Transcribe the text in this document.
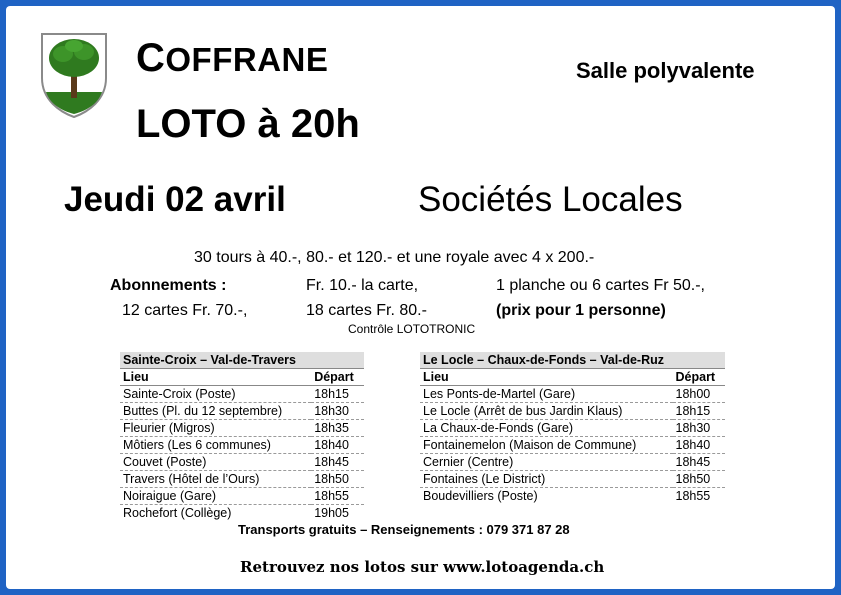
COFFRANE
LOTO à 20h
Salle polyvalente
Jeudi 02 avril	Sociétés Locales
30 tours à 40.-, 80.- et 120.- et une royale avec 4 x 200.-
Abonnements :	Fr. 10.- la carte,	1 planche ou 6 cartes Fr 50.-,
12 cartes Fr. 70.-,	18 cartes Fr. 80.-	(prix pour 1 personne)
Contrôle LOTOTRONIC
Sainte-Croix – Val-de-Travers	
Lieu	Départ
Sainte-Croix (Poste)	18h15
Buttes (Pl. du 12 septembre)	18h30
Fleurier (Migros)	18h35
Môtiers (Les 6 communes)	18h40
Couvet (Poste)	18h45
Travers (Hôtel de l’Ours)	18h50
Noiraigue (Gare)	18h55
Rochefort (Collège)	19h05
Le Locle – Chaux-de-Fonds – Val-de-Ruz	
Lieu	Départ
Les Ponts-de-Martel (Gare)	18h00
Le Locle (Arrêt de bus Jardin Klaus)	18h15
La Chaux-de-Fonds (Gare)	18h30
Fontainemelon (Maison de Commune)	18h40
Cernier (Centre)	18h45
Fontaines (Le District)	18h50
Boudevilliers (Poste)	18h55
Transports gratuits – Renseignements : 079 371 87 28
Retrouvez nos lotos sur www.lotoagenda.ch
